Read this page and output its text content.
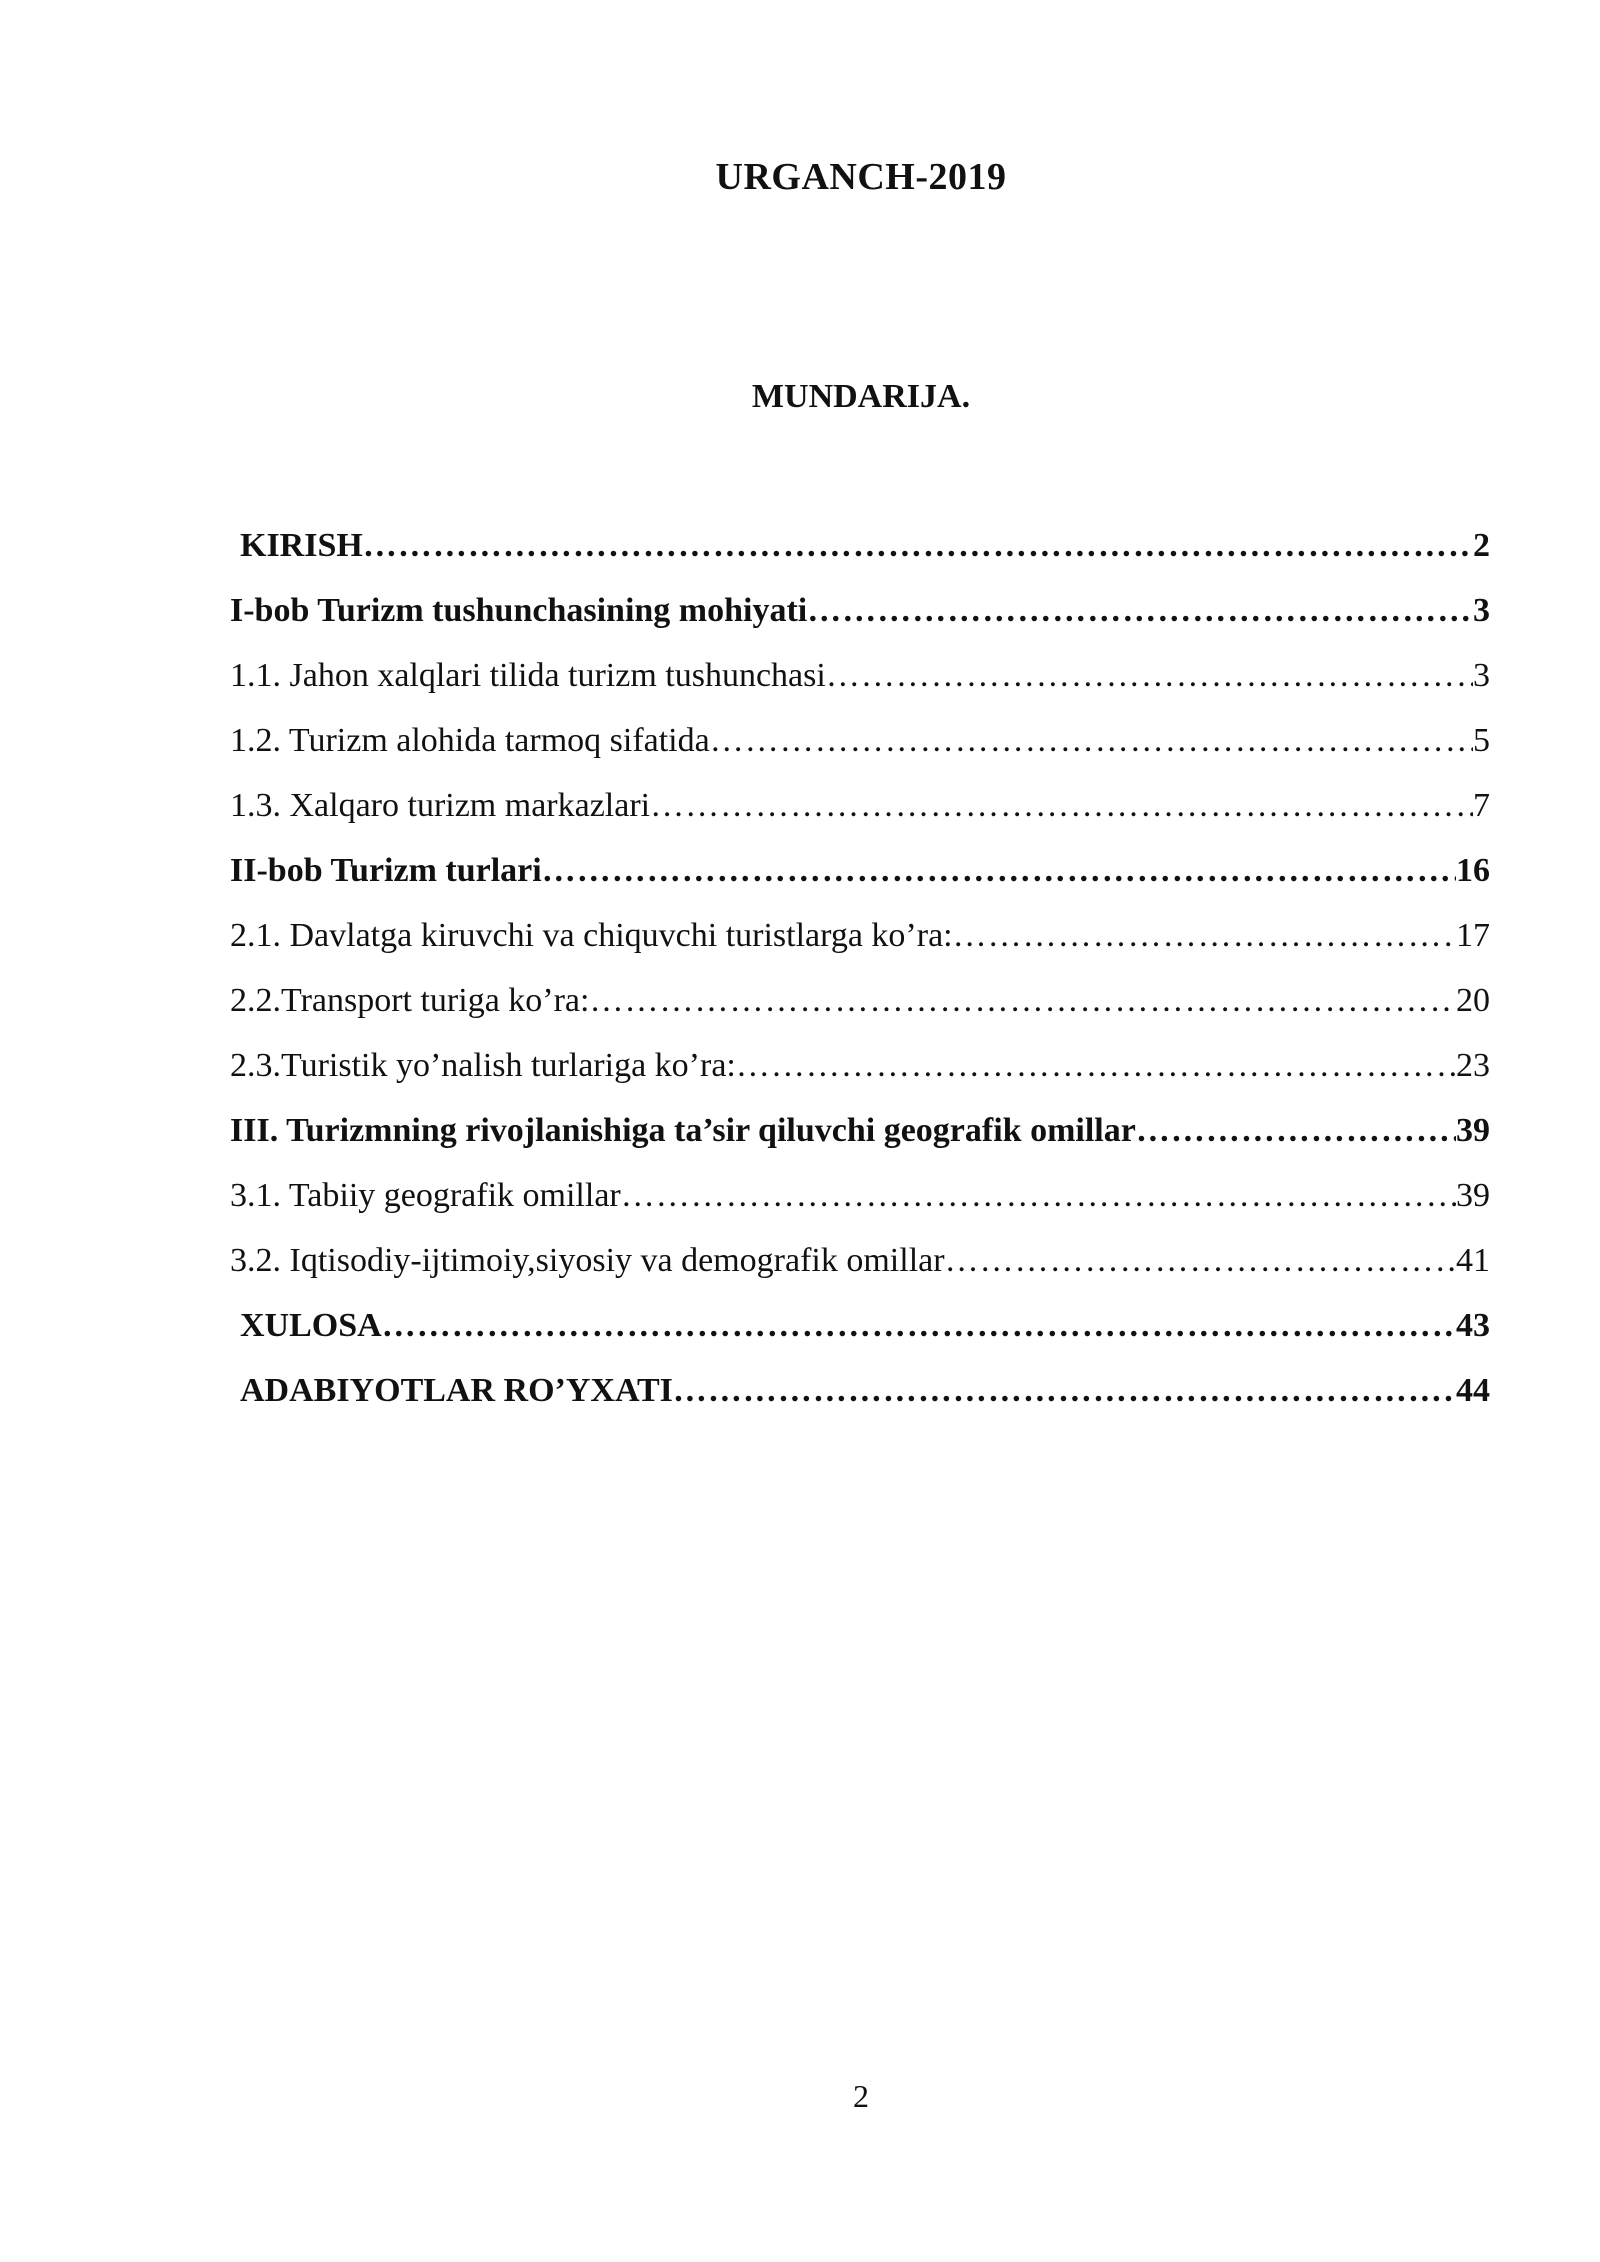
URGANCH-2019
MUNDARIJA.
KIRISH ………………………………………………………………………………………………………………………………………………	2
I-bob Turizm tushunchasining mohiyati ………………………………………………………………………………………………………………………………………………	3
1.1. Jahon xalqlari tilida turizm tushunchasi ………………………………………………………………………………………………………………………………………………	3
1.2. Turizm alohida tarmoq sifatida ………………………………………………………………………………………………………………………………………………	5
1.3. Xalqaro turizm markazlari ………………………………………………………………………………………………………………………………………………	7
II-bob Turizm turlari ………………………………………………………………………………………………………………………………………………	16
2.1. Davlatga kiruvchi va chiquvchi turistlarga ko’ra: ………………………………………………………………………………………………………………………………………………	17
2.2.Transport turiga ko’ra: ………………………………………………………………………………………………………………………………………………	20
2.3.Turistik yo’nalish turlariga ko’ra: ………………………………………………………………………………………………………………………………………………	23
III. Turizmning rivojlanishiga ta’sir qiluvchi geografik omillar ………………………………………………………………………………………………………………………………………………	39
3.1. Tabiiy geografik omillar ………………………………………………………………………………………………………………………………………………	39
3.2. Iqtisodiy-ijtimoiy,siyosiy va demografik omillar ………………………………………………………………………………………………………………………………………………	41
XULOSA ………………………………………………………………………………………………………………………………………………	43
ADABIYOTLAR RO’YXATI ………………………………………………………………………………………………………………………………………………	44
2
